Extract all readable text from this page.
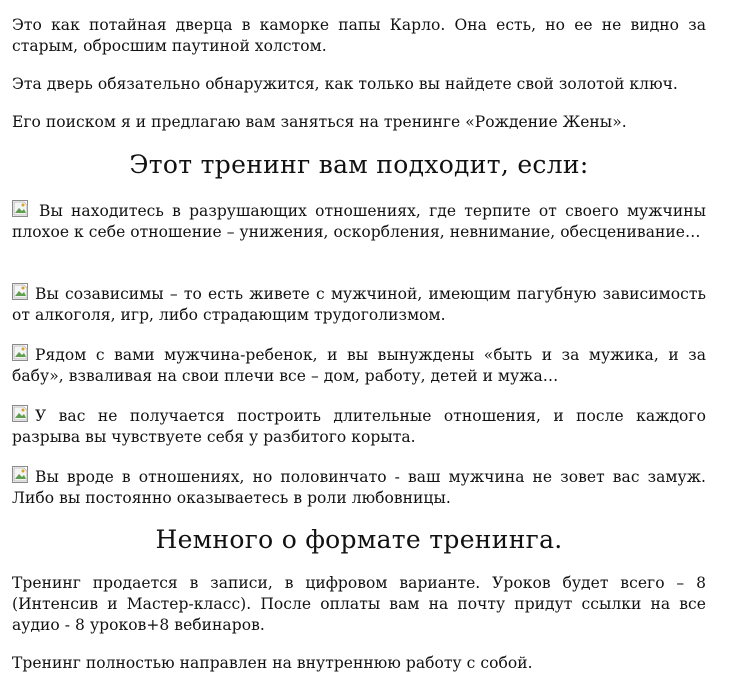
Это как потайная дверца в каморке папы Карло. Она есть, но ее не видно за старым, обросшим паутиной холстом.

Эта дверь обязательно обнаружится, как только вы найдете свой золотой ключ.

Его поиском я и предлагаю вам заняться на тренинге «Рождение Жены».

Этот тренинг вам подходит, если:

Вы находитесь в разрушающих отношениях, где терпите от своего мужчины плохое к себе отношение – унижения, оскорбления, невнимание, обесценивание…

Вы созависимы – то есть живете с мужчиной, имеющим пагубную зависимость от алкоголя, игр, либо страдающим трудоголизмом.

Рядом с вами мужчина-ребенок, и вы вынуждены «быть и за мужика, и за бабу», взваливая на свои плечи все – дом, работу, детей и мужа…

У вас не получается построить длительные отношения, и после каждого разрыва вы чувствуете себя у разбитого корыта.

Вы вроде в отношениях, но половинчато - ваш мужчина не зовет вас замуж. Либо вы постоянно оказываетесь в роли любовницы.

Немного о формате тренинга.

Тренинг продается в записи, в цифровом варианте. Уроков будет всего – 8 (Интенсив и Мастер-класс). После оплаты вам на почту придут ссылки на все аудио - 8 уроков+8 вебинаров.

Тренинг полностью направлен на внутреннюю работу с собой.
